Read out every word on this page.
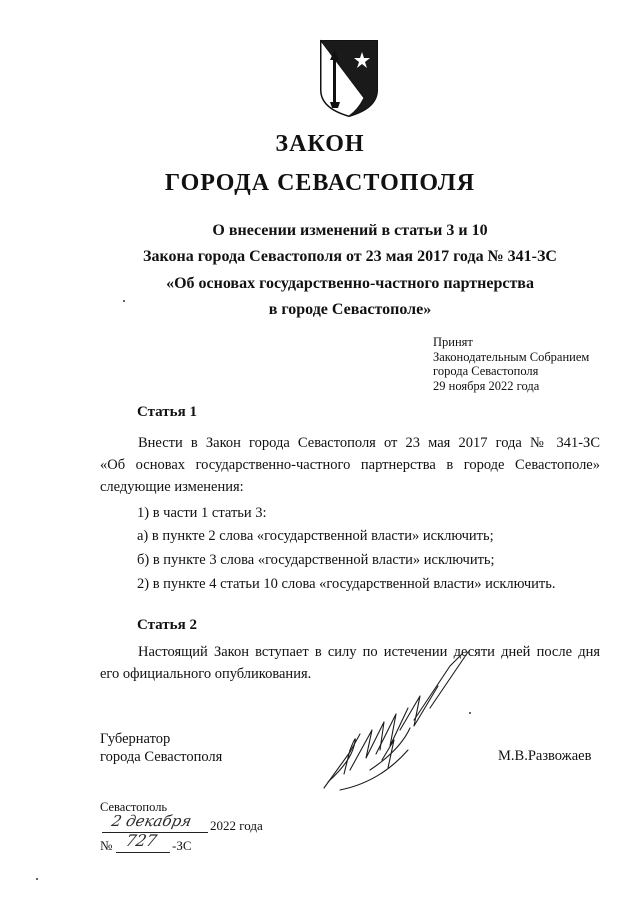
ЗАКОН
ГОРОДА СЕВАСТОПОЛЯ
О внесении изменений в статьи 3 и 10
Закона города Севастополя от 23 мая 2017 года № 341-ЗС
«Об основах государственно-частного партнерства
в городе Севастополе»
Принят
Законодательным Собранием
города Севастополя
29 ноября 2022 года
Статья 1
Внести в Закон города Севастополя от 23 мая 2017 года № 341-ЗС
«Об основах государственно-частного партнерства в городе Севастополе»
следующие изменения:
1) в части 1 статьи 3:
а) в пункте 2 слова «государственной власти» исключить;
б) в пункте 3 слова «государственной власти» исключить;
2) в пункте 4 статьи 10 слова «государственной власти» исключить.
Статья 2
Настоящий Закон вступает в силу по истечении десяти дней после дня
его официального опубликования.
Губернатор
города Севастополя	М.В.Развожаев
Севастополь
2 декабря 2022 года
№ 727 -ЗС
